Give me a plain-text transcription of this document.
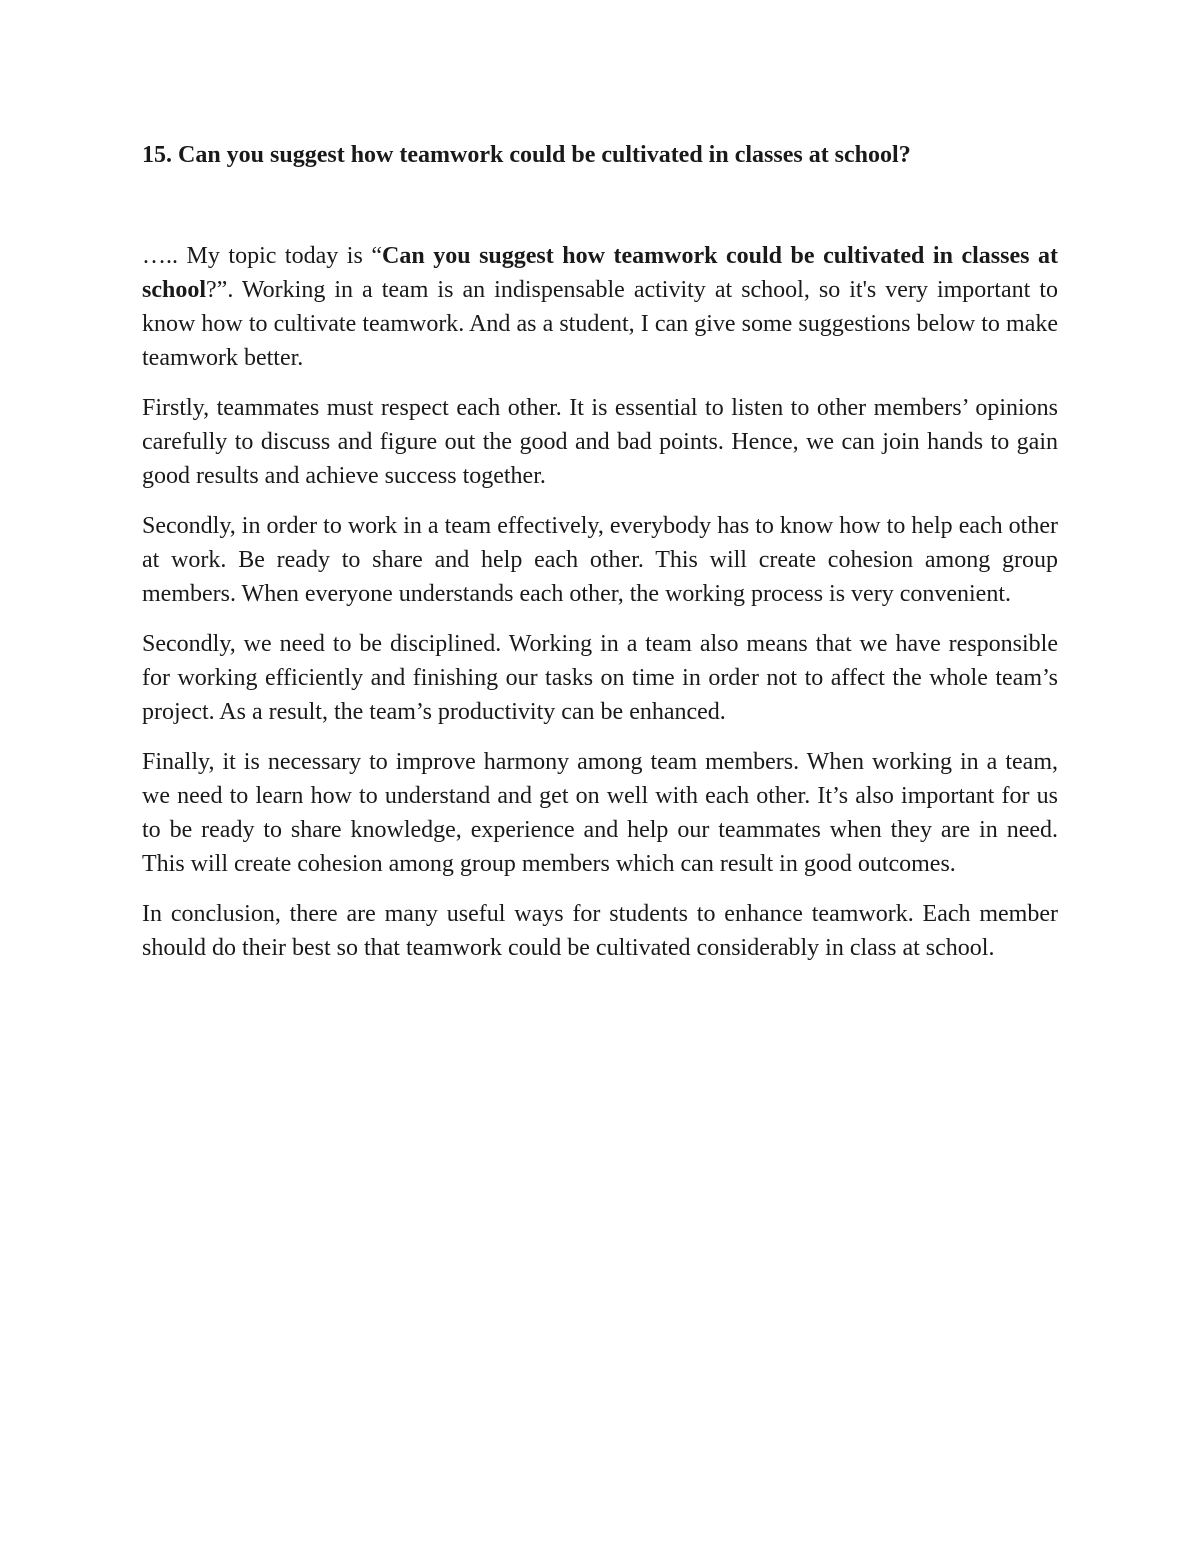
15. Can you suggest how teamwork could be cultivated in classes at school?

….. My topic today is “Can you suggest how teamwork could be cultivated in classes at school?”. Working in a team is an indispensable activity at school, so it's very important to know how to cultivate teamwork. And as a student, I can give some suggestions below to make teamwork better.

Firstly, teammates must respect each other. It is essential to listen to other members’ opinions carefully to discuss and figure out the good and bad points. Hence, we can join hands to gain good results and achieve success together.

Secondly, in order to work in a team effectively, everybody has to know how to help each other at work. Be ready to share and help each other. This will create cohesion among group members. When everyone understands each other, the working process is very convenient.

Secondly, we need to be disciplined. Working in a team also means that we have responsible for working efficiently and finishing our tasks on time in order not to affect the whole team’s project. As a result, the team’s productivity can be enhanced.

Finally, it is necessary to improve harmony among team members. When working in a team, we need to learn how to understand and get on well with each other. It’s also important for us to be ready to share knowledge, experience and help our teammates when they are in need. This will create cohesion among group members which can result in good outcomes.

In conclusion, there are many useful ways for students to enhance teamwork. Each member should do their best so that teamwork could be cultivated considerably in class at school.
